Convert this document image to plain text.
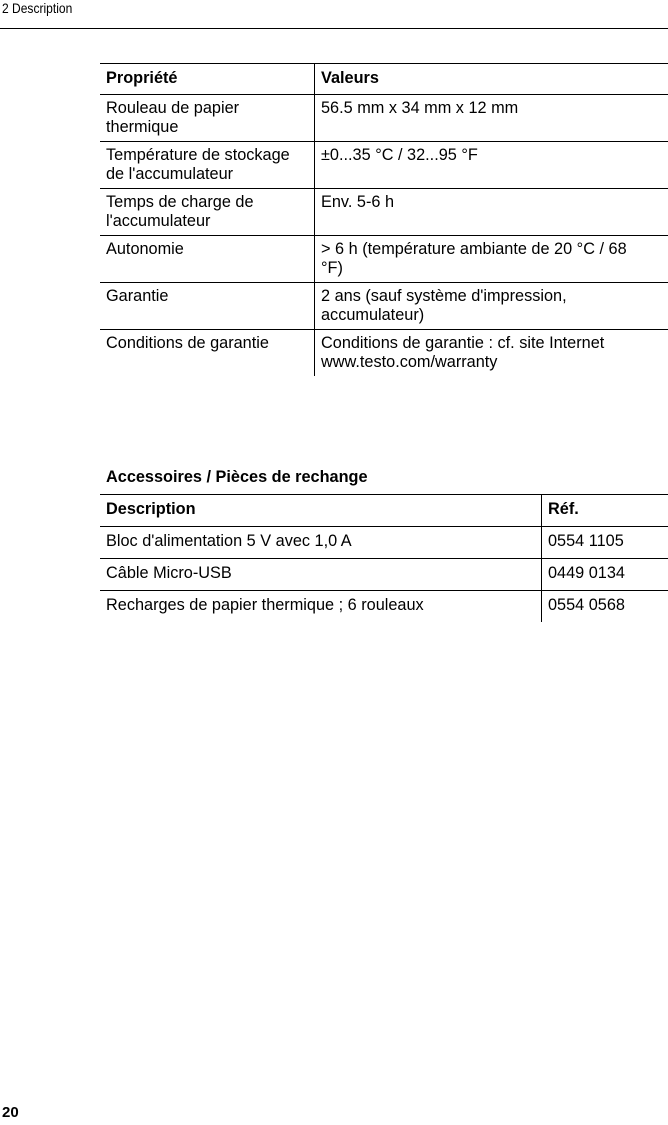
2 Description
Propriété	Valeurs
Rouleau de papier thermique	56.5 mm x 34 mm x 12 mm
Température de stockage de l'accumulateur	±0...35 °C / 32...95 °F
Temps de charge de l'accumulateur	Env. 5-6 h
Autonomie	> 6 h (température ambiante de 20 °C / 68 °F)
Garantie	2 ans (sauf système d'impression, accumulateur)
Conditions de garantie	Conditions de garantie : cf. site Internet www.testo.com/warranty
Accessoires / Pièces de rechange
Description	Réf.
Bloc d'alimentation 5 V avec 1,0 A	0554 1105
Câble Micro-USB	0449 0134
Recharges de papier thermique ; 6 rouleaux	0554 0568
20
